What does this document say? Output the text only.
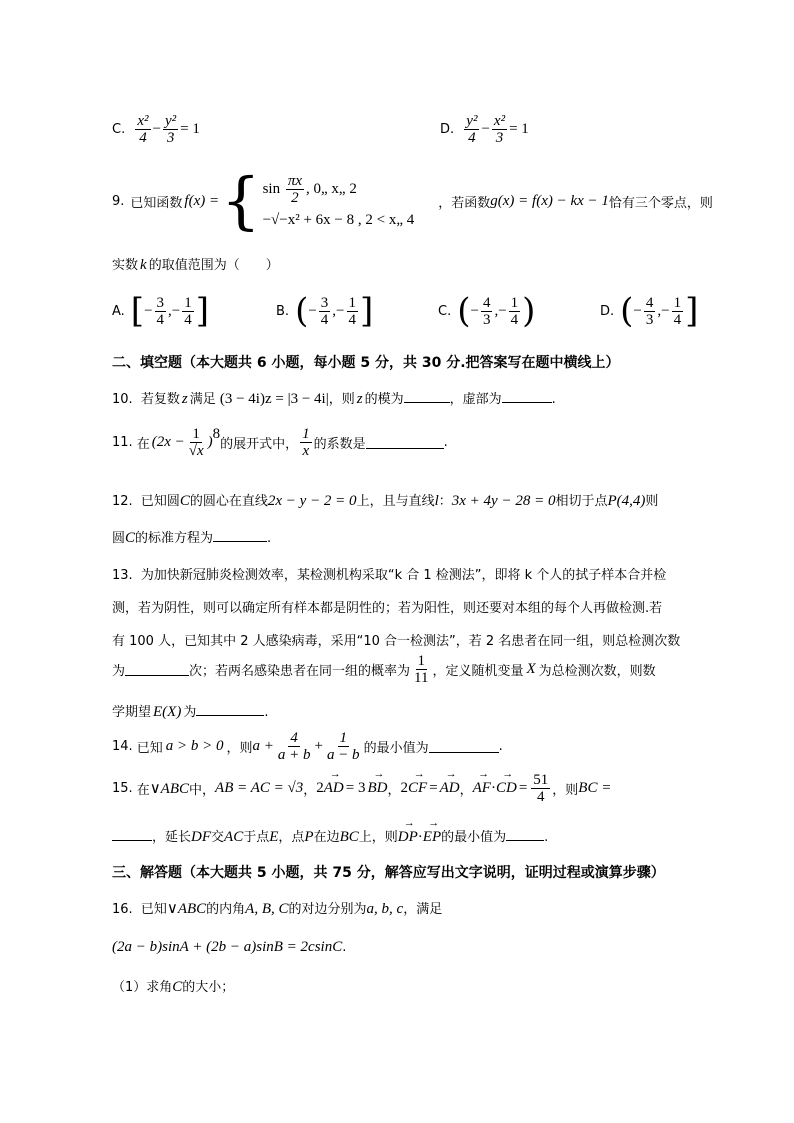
C. $\frac{\text{x²}}{4} - \frac{\text{y²}}{3} = 1$	D. $\frac{\text{y²}}{4} - \frac{\text{x²}}{3} = 1$
9. 已知函数 f(x) = { $\sin \frac{\pi x}{2}$ , 0„ x„ 2
−√−x² + 6x − 8 , 2 < x„ 4
，若函数 g(x) = f(x) − kx − 1 恰有三个零点，则
实数 k 的取值范围为（　　）
A. [ − $\frac{3}{4}$ ,− $\frac{1}{4}$ ]	B. ( − $\frac{3}{4}$ ,− $\frac{1}{4}$ ]	C. ( − $\frac{4}{3}$ ,− $\frac{1}{4}$ )	D. ( − $\frac{4}{3}$ ,− $\frac{1}{4}$ ]
二、填空题（本大题共 6 小题，每小题 5 分，共 30 分.把答案写在题中横线上）
10. 若复数 z 满足 (3 − 4i)z = |3 − 4i|，则 z 的模为	，虚部为	.
11. 在 ($2x - \frac{1}{√x}$ ) 8
的展开式中， $\frac{1}{x}$ 的系数是	.
12. 已知圆C的圆心在直线2x − y − 2 = 0上，且与直线l：3x + 4y − 28 = 0相切于点P(4,4)则
圆C的标准方程为	.
13. 为加快新冠肺炎检测效率，某检测机构采取“k 合 1 检测法”，即将 k 个人的拭子样本合并检
测，若为阴性，则可以确定所有样本都是阴性的；若为阳性，则还要对本组的每个人再做检测.若
有 100 人，已知其中 2 人感染病毒，采用“10 合一检测法”，若 2 名患者在同一组，则总检测次数
为	次；若两名感染患者在同一组的概率为 $\frac{1}{11}$ ，定义随机变量 X 为总检测次数，则数
学期望 E(X) 为	.
14. 已知 a > b > 0 ，则 $a + \frac{4}{a + b} + \frac{1}{a - b}$ 的最小值为	.
15. 在 ∨ABC 中， AB = AC = √3 ， 2 → AD = 3 → BD ， 2 → CF = → AD ， → AF · → CD = $\frac{51}{4}$ ，则 BC =
，延长DF交AC于点E，点P在边BC上，则→ DP·→ EP的最小值为	.
三、解答题（本大题共 5 小题，共 75 分，解答应写出文字说明，证明过程或演算步骤）
16. 已知∨ABC的内角A, B, C的对边分别为a, b, c，满足
(2a − b)sinA + (2b − a)sinB = 2csinC.
（1）求角C的大小；
